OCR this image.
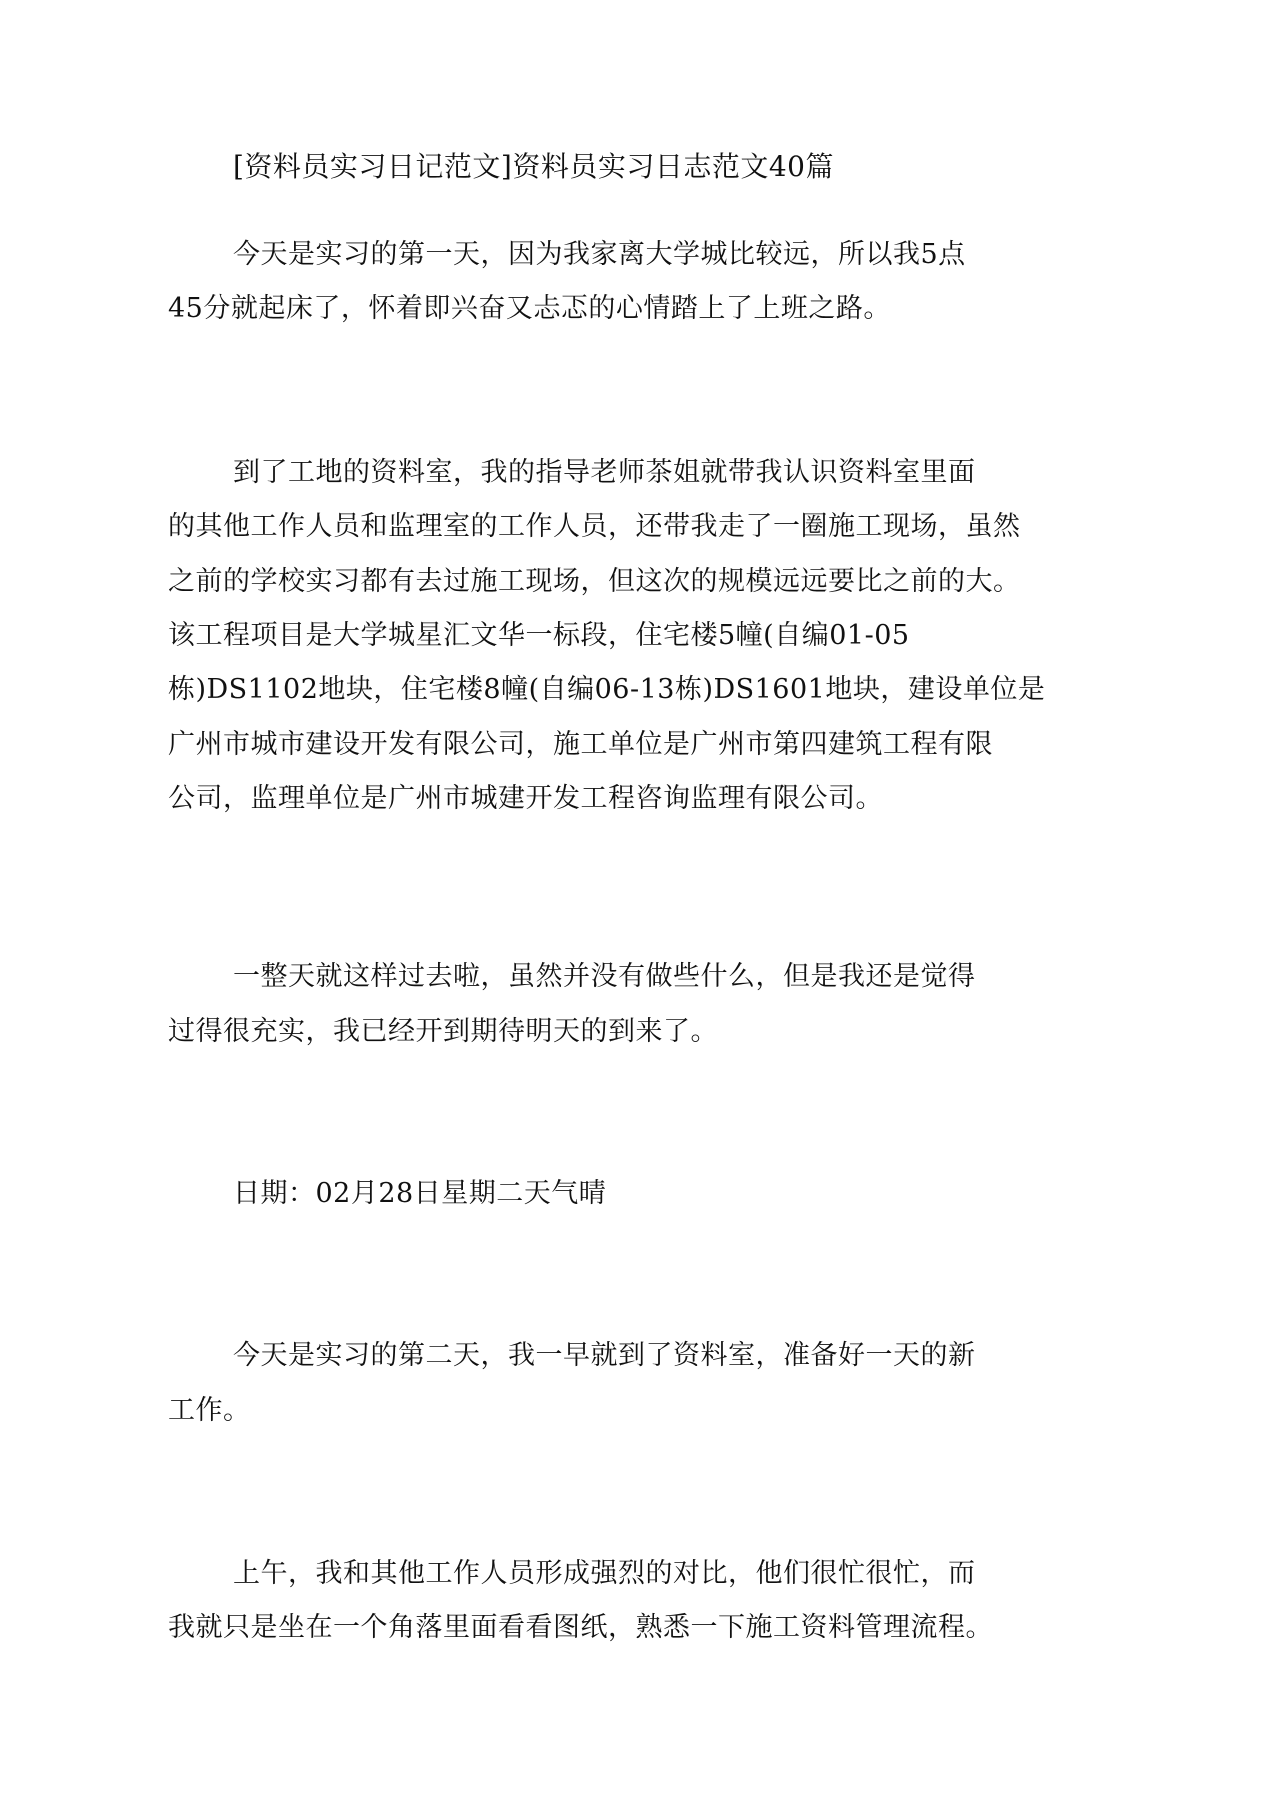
[资料员实习日记范文]资料员实习日志范文40篇
今天是实习的第一天，因为我家离大学城比较远，所以我5点
45分就起床了，怀着即兴奋又忐忑的心情踏上了上班之路。
到了工地的资料室，我的指导老师茶姐就带我认识资料室里面
的其他工作人员和监理室的工作人员，还带我走了一圈施工现场，虽然
之前的学校实习都有去过施工现场，但这次的规模远远要比之前的大。
该工程项目是大学城星汇文华一标段，住宅楼5幢(自编01-05
栋)DS1102地块，住宅楼8幢(自编06-13栋)DS1601地块，建设单位是
广州市城市建设开发有限公司，施工单位是广州市第四建筑工程有限
公司，监理单位是广州市城建开发工程咨询监理有限公司。
一整天就这样过去啦，虽然并没有做些什么，但是我还是觉得
过得很充实，我已经开到期待明天的到来了。
日期：02月28日星期二天气晴
今天是实习的第二天，我一早就到了资料室，准备好一天的新
工作。
上午，我和其他工作人员形成强烈的对比，他们很忙很忙，而
我就只是坐在一个角落里面看看图纸，熟悉一下施工资料管理流程。
